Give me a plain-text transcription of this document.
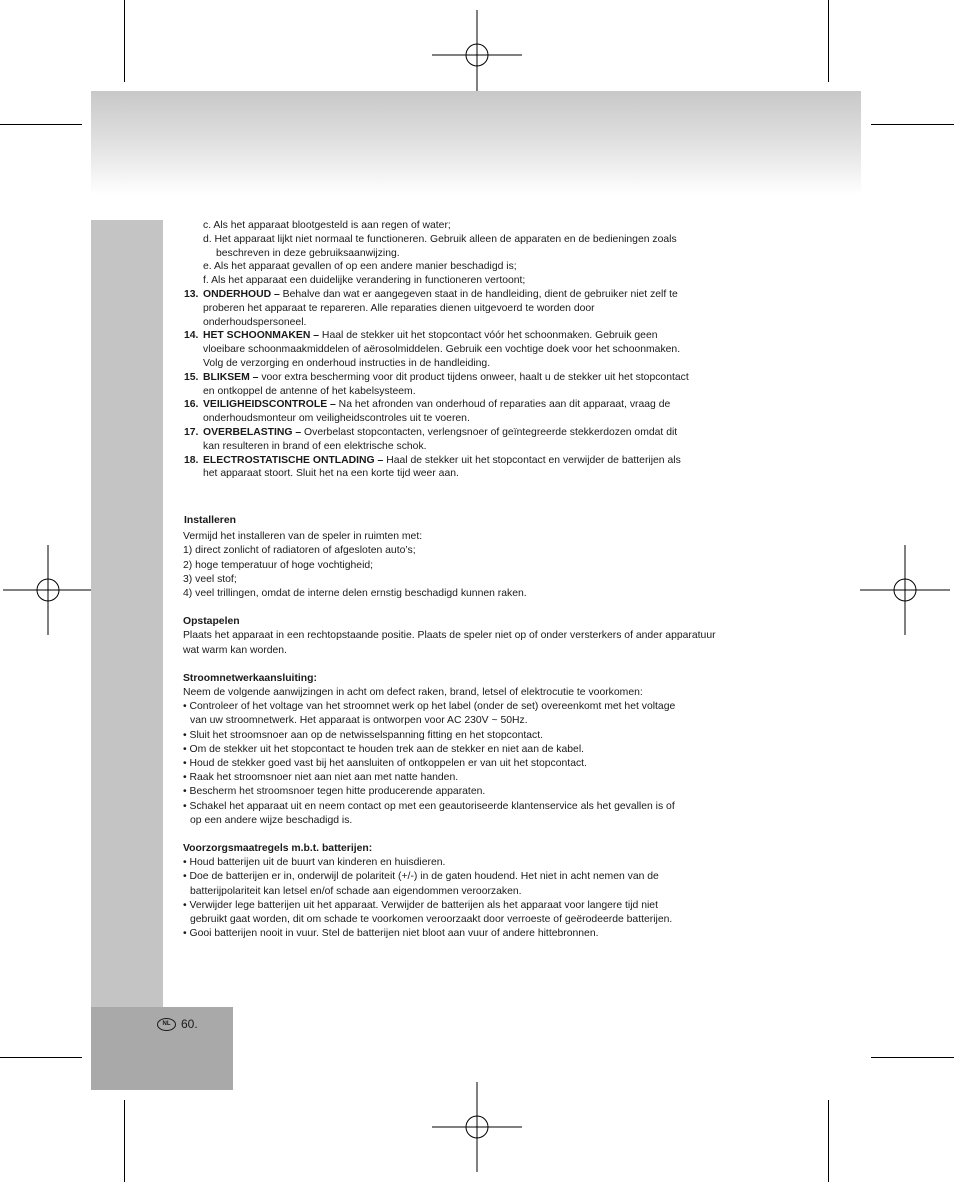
NL 60.
c. Als het apparaat blootgesteld is aan regen of water;
d. Het apparaat lijkt niet normaal te functioneren. Gebruik alleen de apparaten en de bedieningen zoals
beschreven in deze gebruiksaanwijzing.
e. Als het apparaat gevallen of op een andere manier beschadigd is;
f. Als het apparaat een duidelijke verandering in functioneren vertoont;
13. ONDERHOUD – Behalve dan wat er aangegeven staat in de handleiding, dient de gebruiker niet zelf te
proberen het apparaat te repareren. Alle reparaties dienen uitgevoerd te worden door
onderhoudspersoneel.
14. HET SCHOONMAKEN – Haal de stekker uit het stopcontact vóór het schoonmaken. Gebruik geen
vloeibare schoonmaakmiddelen of aërosolmiddelen. Gebruik een vochtige doek voor het schoonmaken.
Volg de verzorging en onderhoud instructies in de handleiding.
15. BLIKSEM – voor extra bescherming voor dit product tijdens onweer, haalt u de stekker uit het stopcontact
en ontkoppel de antenne of het kabelsysteem.
16. VEILIGHEIDSCONTROLE – Na het afronden van onderhoud of reparaties aan dit apparaat, vraag de
onderhoudsmonteur om veiligheidscontroles uit te voeren.
17. OVERBELASTING – Overbelast stopcontacten, verlengsnoer of geïntegreerde stekkerdozen omdat dit
kan resulteren in brand of een elektrische schok.
18. ELECTROSTATISCHE ONTLADING – Haal de stekker uit het stopcontact en verwijder de batterijen als
het apparaat stoort. Sluit het na een korte tijd weer aan.
Installeren
Vermijd het installeren van de speler in ruimten met:
1) direct zonlicht of radiatoren of afgesloten auto’s;
2) hoge temperatuur of hoge vochtigheid;
3) veel stof;
4) veel trillingen, omdat de interne delen ernstig beschadigd kunnen raken.
Opstapelen
Plaats het apparaat in een rechtopstaande positie. Plaats de speler niet op of onder versterkers of ander apparatuur
wat warm kan worden.
Stroomnetwerkaansluiting:
Neem de volgende aanwijzingen in acht om defect raken, brand, letsel of elektrocutie te voorkomen:
• Controleer of het voltage van het stroomnet werk op het label (onder de set) overeenkomt met het voltage
van uw stroomnetwerk. Het apparaat is ontworpen voor AC 230V ~ 50Hz.
• Sluit het stroomsnoer aan op de netwisselspanning fitting en het stopcontact.
• Om de stekker uit het stopcontact te houden trek aan de stekker en niet aan de kabel.
• Houd de stekker goed vast bij het aansluiten of ontkoppelen er van uit het stopcontact.
• Raak het stroomsnoer niet aan niet aan met natte handen.
• Bescherm het stroomsnoer tegen hitte producerende apparaten.
• Schakel het apparaat uit en neem contact op met een geautoriseerde klantenservice als het gevallen is of
op een andere wijze beschadigd is.
Voorzorgsmaatregels m.b.t. batterijen:
• Houd batterijen uit de buurt van kinderen en huisdieren.
• Doe de batterijen er in, onderwijl de polariteit (+/-) in de gaten houdend. Het niet in acht nemen van de
batterijpolariteit kan letsel en/of schade aan eigendommen veroorzaken.
• Verwijder lege batterijen uit het apparaat. Verwijder de batterijen als het apparaat voor langere tijd niet
gebruikt gaat worden, dit om schade te voorkomen veroorzaakt door verroeste of geërodeerde batterijen.
• Gooi batterijen nooit in vuur. Stel de batterijen niet bloot aan vuur of andere hittebronnen.
